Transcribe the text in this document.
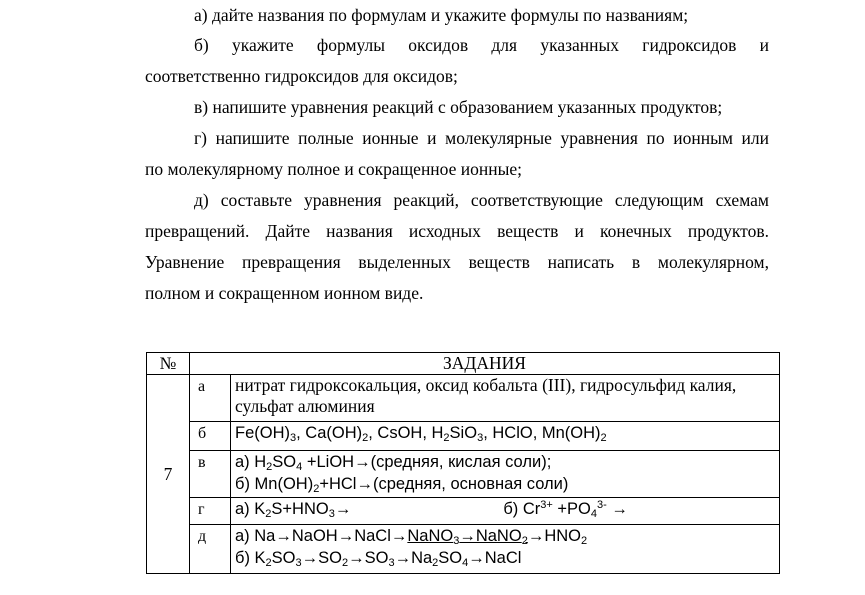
а) дайте названия по формулам и укажите формулы по названиям;

б) укажите формулы оксидов для указанных гидроксидов и
соответственно гидроксидов для оксидов;

в) напишите уравнения реакций с образованием указанных продуктов;

г) напишите полные ионные и молекулярные уравнения по ионным или
по молекулярному полное и сокращенное ионные;
д) составьте уравнения реакций, соответствующие следующим схемам
превращений. Дайте названия исходных веществ и конечных продуктов.
Уравнение превращения выделенных веществ написать в молекулярном,
полном и сокращенном ионном виде.
№	ЗАДАНИЯ	
7	а	нитрат гидроксокальция, оксид кобальта (III), гидросульфид калия,
сульфат алюминия

	б	$Fe(OH)_3$, $Ca(OH)_2$, CsOH, $H_2SiO_3$, HClO, $Mn(OH)_2$
	в	а) $H_2SO_4$ +LiOH→(средняя, кислая соли);
б) $Mn(OH)_2+HCl\to(средняя$, основная соли)

	г	а) $K_2S+HNO_3\to б$) $Cr^{3+} +PO_4^{3-}$ →
	д	а) $Na\to NaOH\to NaCl\to NaNO_3\to NaNO_2\to HNO_2$
б) $K_2SO_3\to SO_2\to SO_3\to Na_2SO_4\to NaCl$
